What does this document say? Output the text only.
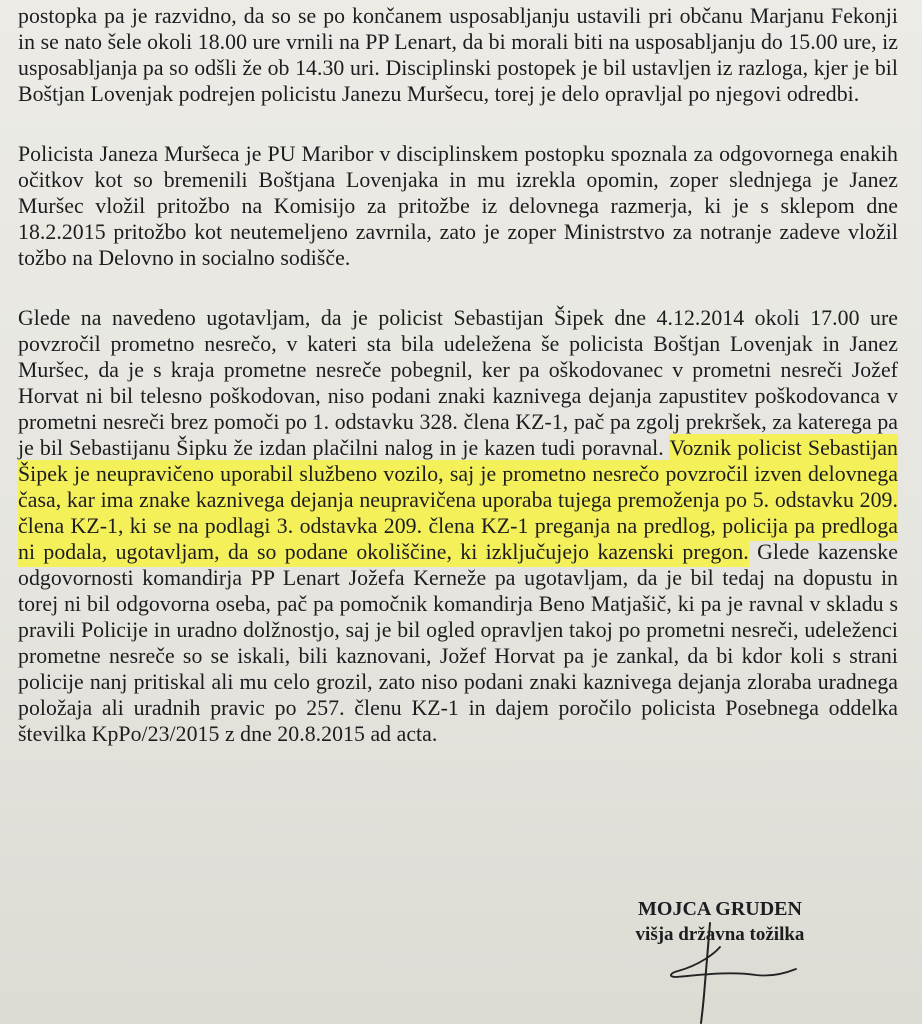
postopka pa je razvidno, da so se po končanem usposabljanju ustavili pri občanu Marjanu Fekonji in se nato šele okoli 18.00 ure vrnili na PP Lenart, da bi morali biti na usposabljanju do 15.00 ure, iz usposabljanja pa so odšli že ob 14.30 uri. Disciplinski postopek je bil ustavljen iz razloga, kjer je bil Boštjan Lovenjak podrejen policistu Janezu Muršecu, torej je delo opravljal po njegovi odredbi.

Policista Janeza Muršeca je PU Maribor v disciplinskem postopku spoznala za odgovornega enakih očitkov kot so bremenili Boštjana Lovenjaka in mu izrekla opomin, zoper slednjega je Janez Muršec vložil pritožbo na Komisijo za pritožbe iz delovnega razmerja, ki je s sklepom dne 18.2.2015 pritožbo kot neutemeljeno zavrnila, zato je zoper Ministrstvo za notranje zadeve vložil tožbo na Delovno in socialno sodišče.

Glede na navedeno ugotavljam, da je policist Sebastijan Šipek dne 4.12.2014 okoli 17.00 ure povzročil prometno nesrečo, v kateri sta bila udeležena še policista Boštjan Lovenjak in Janez Muršec, da je s kraja prometne nesreče pobegnil, ker pa oškodovanec v prometni nesreči Jožef Horvat ni bil telesno poškodovan, niso podani znaki kaznivega dejanja zapustitev poškodovanca v prometni nesreči brez pomoči po 1. odstavku 328. člena KZ-1, pač pa zgolj prekršek, za katerega pa je bil Sebastijanu Šipku že izdan plačilni nalog in je kazen tudi poravnal. Voznik policist Sebastijan Šipek je neupravičeno uporabil službeno vozilo, saj je prometno nesrečo povzročil izven delovnega časa, kar ima znake kaznivega dejanja neupravičena uporaba tujega premoženja po 5. odstavku 209. člena KZ-1, ki se na podlagi 3. odstavka 209. člena KZ-1 preganja na predlog, policija pa predloga ni podala, ugotavljam, da so podane okoliščine, ki izključujejo kazenski pregon. Glede kazenske odgovornosti komandirja PP Lenart Jožefa Kerneže pa ugotavljam, da je bil tedaj na dopustu in torej ni bil odgovorna oseba, pač pa pomočnik komandirja Beno Matjašič, ki pa je ravnal v skladu s pravili Policije in uradno dolžnostjo, saj je bil ogled opravljen takoj po prometni nesreči, udeleženci prometne nesreče so se iskali, bili kaznovani, Jožef Horvat pa je zankal, da bi kdor koli s strani policije nanj pritiskal ali mu celo grozil, zato niso podani znaki kaznivega dejanja zloraba uradnega položaja ali uradnih pravic po 257. členu KZ-1 in dajem poročilo policista Posebnega oddelka številka KpPo/23/2015 z dne 20.8.2015 ad acta.

MOJCA GRUDEN
višja državna tožilka
